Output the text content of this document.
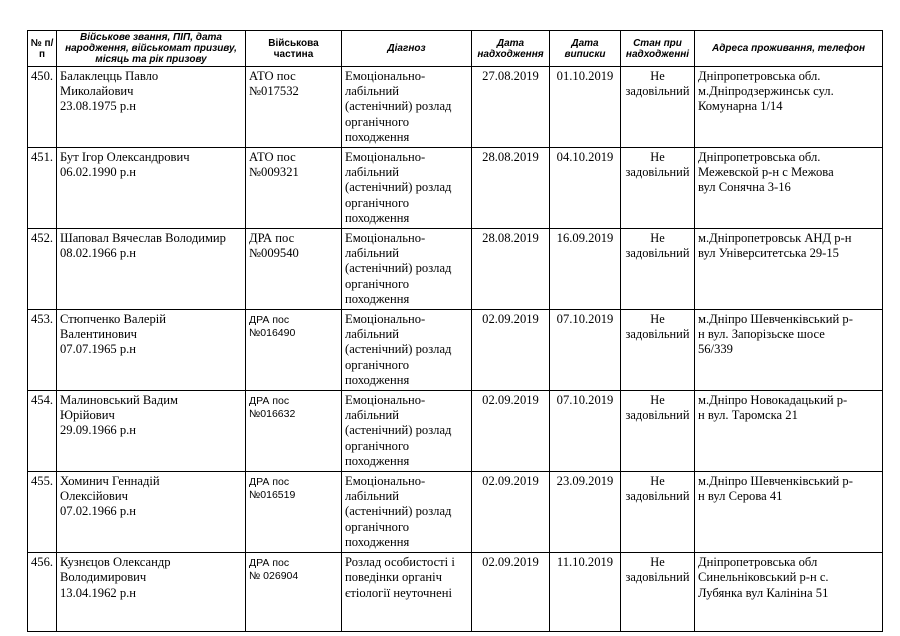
№ п/п	Військове звання, ПІП, дата народження, військомат призиву, місяць та рік призову	Військова частина	Діагноз	Дата надходження	Дата виписки	Стан при надходженні	Адреса проживання, телефон
450.	Балаклецць Павло
Миколайович
23.08.1975 р.н	АТО пос
№017532	Емоціонально-
лабільний
(астенічний) розлад
органічного
походження	27.08.2019	01.10.2019	Не
задовільний	Дніпропетровська обл.
м.Дніпродзержинськ сул.
Комунарна 1/14

451.	Бут Ігор Олександрович
06.02.1990 р.н	АТО пос
№009321	Емоціонально-
лабільний
(астенічний) розлад
органічного
походження	28.08.2019	04.10.2019	Не
задовільний	Дніпропетровська обл.
Межевской р-н с Межова
вул Сонячна 3-16

452.	Шаповал Вячеслав Володимир
08.02.1966 р.н	ДРА пос
№009540	Емоціонально-
лабільний
(астенічний) розлад
органічного
походження	28.08.2019	16.09.2019	Не
задовільний	м.Дніпропетровськ АНД р-н
вул Університетська 29-15

453.	Стюпченко Валерій
Валентинович
07.07.1965 р.н	ДРА пос
№016490	Емоціонально-
лабільний
(астенічний) розлад
органічного
походження	02.09.2019	07.10.2019	Не
задовільний	м.Дніпро Шевченківський р-
н вул. Запорізьске шосе
56/339

454.	Малиновський Вадим
Юрійович
29.09.1966 р.н	ДРА пос
№016632	Емоціонально-
лабільний
(астенічний) розлад
органічного
походження	02.09.2019	07.10.2019	Не
задовільний	м.Дніпро Новокадацький р-
н вул. Таромска 21

455.	Хоминич Геннадій
Олексійович
07.02.1966 р.н	ДРА пос
№016519	Емоціонально-
лабільний
(астенічний) розлад
органічного
походження	02.09.2019	23.09.2019	Не
задовільний	м.Дніпро Шевченківський р-
н вул Серова 41

456.	Кузнєцов Олександр
Володимирович
13.04.1962 р.н	ДРА пос
№ 026904	Розлад особистості і
поведінки органіч
єтіології неуточнені	02.09.2019	11.10.2019	Не
задовільний	Дніпропетровська обл
Синельніковський р-н с.
Лубянка вул Калініна 51
